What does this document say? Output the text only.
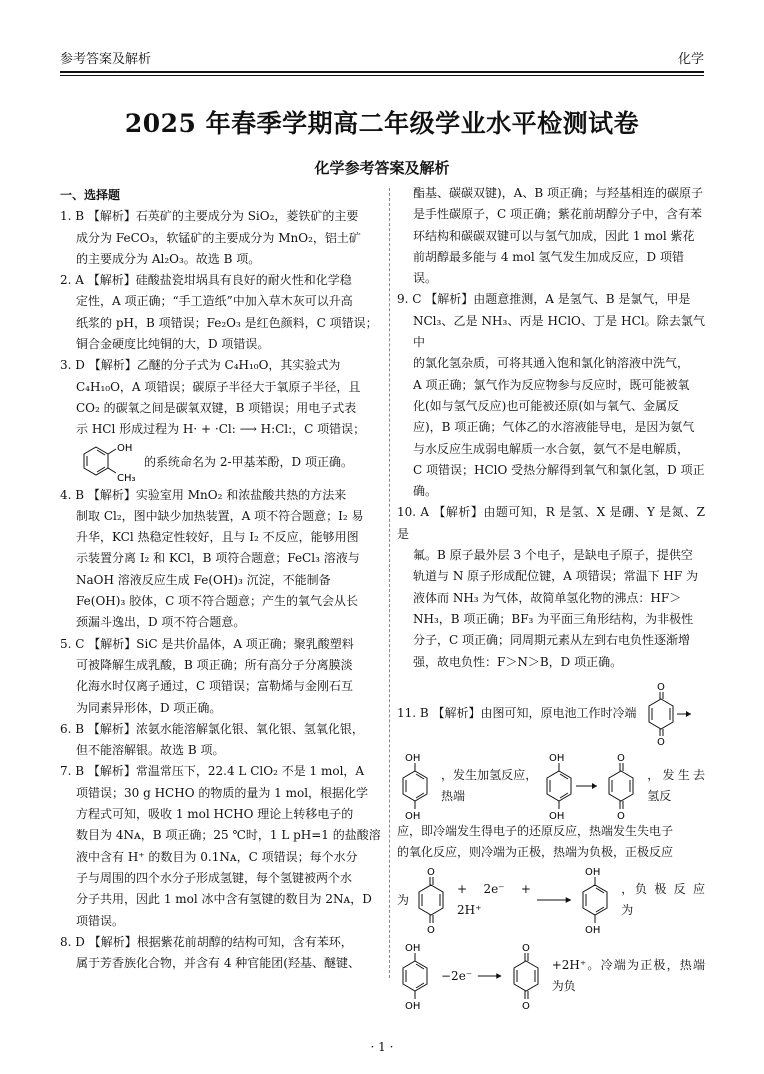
参考答案及解析	化学
2025 年春季学期高二年级学业水平检测试卷
化学参考答案及解析
一、选择题
1. B 【解析】石英矿的主要成分为 SiO₂，菱铁矿的主要
成分为 FeCO₃，软锰矿的主要成分为 MnO₂，铝土矿
的主要成分为 Al₂O₃。故选 B 项。
2. A 【解析】硅酸盐瓷坩埚具有良好的耐火性和化学稳
定性，A 项正确；“手工造纸”中加入草木灰可以升高
纸浆的 pH，B 项错误；Fe₂O₃ 是红色颜料，C 项错误；
铜合金硬度比纯铜的大，D 项错误。
3. D 【解析】乙醚的分子式为 C₄H₁₀O，其实验式为
C₄H₁₀O，A 项错误；碳原子半径大于氧原子半径，且
CO₂ 的碳氧之间是碳氧双键，B 项错误；用电子式表
示 HCl 形成过程为 H· + ·Cl: ⟶ H:Cl:，C 项错误；
OH
CH₃
的系统命名为 2-甲基苯酚，D 项正确。
4. B 【解析】实验室用 MnO₂ 和浓盐酸共热的方法来
制取 Cl₂，图中缺少加热装置，A 项不符合题意；I₂ 易
升华，KCl 热稳定性较好，且与 I₂ 不反应，能够用图
示装置分离 I₂ 和 KCl，B 项符合题意；FeCl₃ 溶液与
NaOH 溶液反应生成 Fe(OH)₃ 沉淀，不能制备
Fe(OH)₃ 胶体，C 项不符合题意；产生的氧气会从长
颈漏斗逸出，D 项不符合题意。
5. C 【解析】SiC 是共价晶体，A 项正确；聚乳酸塑料
可被降解生成乳酸，B 项正确；所有高分子分离膜淡
化海水时仅离子通过，C 项错误；富勒烯与金刚石互
为同素异形体，D 项正确。
6. B 【解析】浓氨水能溶解氯化银、氧化银、氢氧化银，
但不能溶解银。故选 B 项。
7. B 【解析】常温常压下，22.4 L ClO₂ 不是 1 mol，A
项错误；30 g HCHO 的物质的量为 1 mol，根据化学
方程式可知，吸收 1 mol HCHO 理论上转移电子的
数目为 4Nᴀ，B 项正确；25 ℃时，1 L pH=1 的盐酸溶
液中含有 H⁺ 的数目为 0.1Nᴀ，C 项错误；每个水分
子与周围的四个水分子形成氢键，每个氢键被两个水
分子共用，因此 1 mol 冰中含有氢键的数目为 2Nᴀ，D
项错误。
8. D 【解析】根据紫花前胡醇的结构可知，含有苯环，
属于芳香族化合物，并含有 4 种官能团(羟基、醚键、
酯基、碳碳双键)，A、B 项正确；与羟基相连的碳原子
是手性碳原子，C 项正确；紫花前胡醇分子中，含有苯
环结构和碳碳双键可以与氢气加成，因此 1 mol 紫花
前胡醇最多能与 4 mol 氢气发生加成反应，D 项错
误。
9. C 【解析】由题意推测，A 是氢气、B 是氯气，甲是
NCl₃、乙是 NH₃、丙是 HClO、丁是 HCl。除去氯气中
的氯化氢杂质，可将其通入饱和氯化钠溶液中洗气，
A 项正确；氯气作为反应物参与反应时，既可能被氧
化(如与氢气反应)也可能被还原(如与氧气、金属反
应)，B 项正确；气体乙的水溶液能导电，是因为氨气
与水反应生成弱电解质一水合氨，氨气不是电解质，
C 项错误；HClO 受热分解得到氧气和氯化氢，D 项正
确。
10. A 【解析】由题可知，R 是氢、X 是硼、Y 是氮、Z 是
氟。B 原子最外层 3 个电子，是缺电子原子，提供空
轨道与 N 原子形成配位键，A 项错误；常温下 HF 为
液体而 NH₃ 为气体，故简单氢化物的沸点：HF＞
NH₃，B 项正确；BF₃ 为平面三角形结构，为非极性
分子，C 项正确；同周期元素从左到右电负性逐渐增
强，故电负性：F＞N＞B，D 项正确。
11. B 【解析】由图可知，原电池工作时冷端
O
O
OH
OH
，发生加氢反应，热端
OH
OH
O
O
，发生去氢反
应，即冷端发生得电子的还原反应，热端发生失电子
的氧化反应，则冷端为正极，热端为负极，正极反应
为
O
O
+ 2e⁻ + 2H⁺
OH
OH
，负 极 反 应 为
OH
OH
−2e⁻ →
O
O
+2H⁺。冷端为正极，热端为负
· 1 ·
